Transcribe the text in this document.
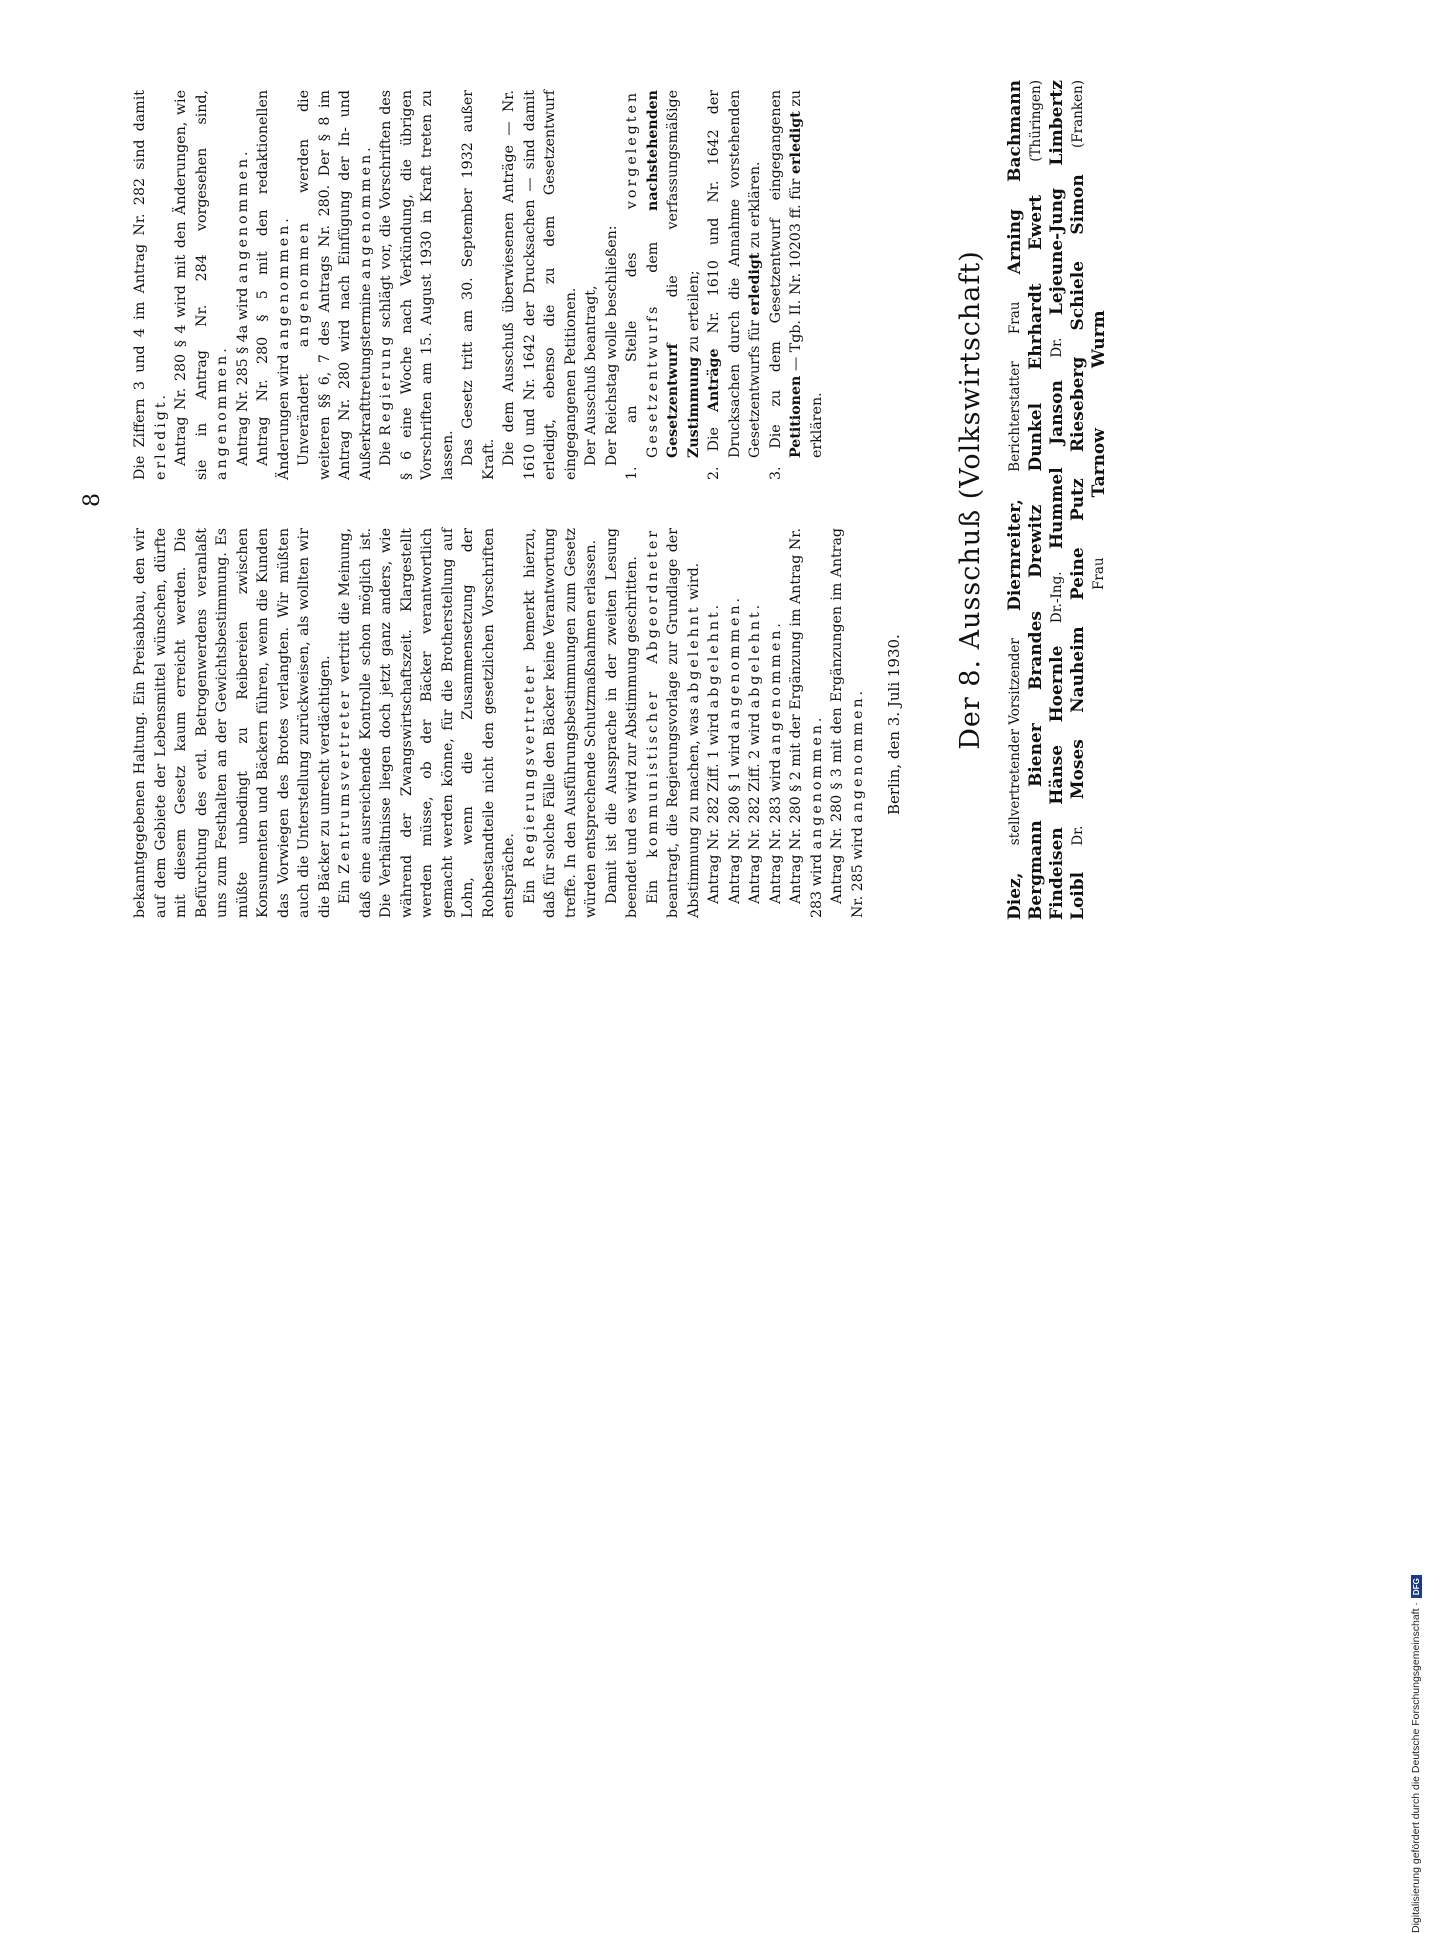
8

bekanntgegebenen Haltung. Ein Preisabbau, den wir auf dem Gebiete der Lebensmittel wünschen, dürfte mit diesem Gesetz kaum erreicht werden. Die Befürchtung des evtl. Betrogenwerdens veranlaßt uns zum Festhalten an der Gewichtsbestimmung. Es müßte unbedingt zu Reibereien zwischen Konsumenten und Bäckern führen, wenn die Kunden das Vorwiegen des Brotes verlangten. Wir müßten auch die Unterstellung zurückweisen, als wollten wir die Bäcker zu unrecht verdächtigen. Ein Zentrumsvertreter vertritt die Meinung, daß eine ausreichende Kontrolle schon möglich ist. Die Verhältnisse liegen doch jetzt ganz anders, wie während der Zwangswirtschaftszeit. Klargestellt werden müsse, ob der Bäcker verantwortlich gemacht werden könne, für die Brotherstellung auf Lohn, wenn die Zusammensetzung der Rohbestandteile nicht den gesetzlichen Vorschriften entspräche. Ein Regierungsvertreter bemerkt hierzu, daß für solche Fälle den Bäcker keine Verantwortung treffe. In den Ausführungsbestimmungen zum Gesetz würden entsprechende Schutzmaßnahmen erlassen. Damit ist die Aussprache in der zweiten Lesung beendet und es wird zur Abstimmung geschritten. Ein kommunistischer Abgeordneter beantragt, die Regierungsvorlage zur Grundlage der Abstimmung zu machen, was abgelehnt wird.

Antrag Nr. 282 Ziff. 1 wird abgelehnt.

Antrag Nr. 280 § 1 wird angenommen.

Antrag Nr. 282 Ziff. 2 wird abgelehnt.

Antrag Nr. 283 wird angenommen. Antrag Nr. 280 § 2 mit der Ergänzung im Antrag Nr. 283 wird angenommen. Antrag Nr. 280 § 3 mit den Ergänzungen im Antrag Nr. 285 wird angenommen.

Die Ziffern 3 und 4 im Antrag Nr. 282 sind damit erledigt. Antrag Nr. 280 § 4 wird mit den Änderungen, wie sie in Antrag Nr. 284 vorgesehen sind, angenommen. Antrag Nr. 285 § 4a wird angenommen. Antrag Nr. 280 § 5 mit den redaktionellen Änderungen wird angenommen.

Unverändert angenommen werden die weiteren §§ 6, 7 des Antrags Nr. 280. Der § 8 im Antrag Nr. 280 wird nach Einfügung der In- und Außerkrafttretungstermine angenommen.

Die Regierung schlägt vor, die Vorschriften des § 6 eine Woche nach Verkündung, die übrigen Vorschriften am 15. August 1930 in Kraft treten zu lassen. Das Gesetz tritt am 30. September 1932 außer Kraft. Die dem Ausschuß überwiesenen Anträge — Nr. 1610 und Nr. 1642 der Drucksachen — sind damit erledigt, ebenso die zu dem Gesetzentwurf eingegangenen Petitionen. Der Ausschuß beantragt, Der Reichstag wolle beschließen: 1. an Stelle des vorgelegten Gesetzentwurfs dem nachstehenden Gesetzentwurf die verfassungsmäßige Zustimmung zu erteilen;

2. Die Anträge Nr. 1610 und Nr. 1642 der Drucksachen durch die Annahme vorstehenden Gesetzentwurfs für erledigt zu erklären. 3. Die zu dem Gesetzentwurf eingegangenen Petitionen — Tgb. II. Nr. 10203 ff. für erledigt zu erklären.

Berlin, den 3. Juli 1930. Der 8. Ausschuß (Volkswirtschaft)
Diez,
stellvertretender Vorsitzender
Diernreiter,
Berichterstatter
Frau
Arning
Bachmann
Bergmann
Biener
Brandes
Drewitz
Dunkel
Ehrhardt
Ewert
(Thüringen)
Findeisen
Hänse
Hoernle
Dr.-Ing.
Hummel
Janson
Dr.
Lejeune-Jung
Limbertz
Loibl
Dr.
Moses
Nauheim
Peine
Putz
Rieseberg
Schiele
Simon
(Franken)
Frau
Tarnow
Wurm
Digitalisierung gefördert durch die Deutsche Forschungsgemeinschaft ·DFG
